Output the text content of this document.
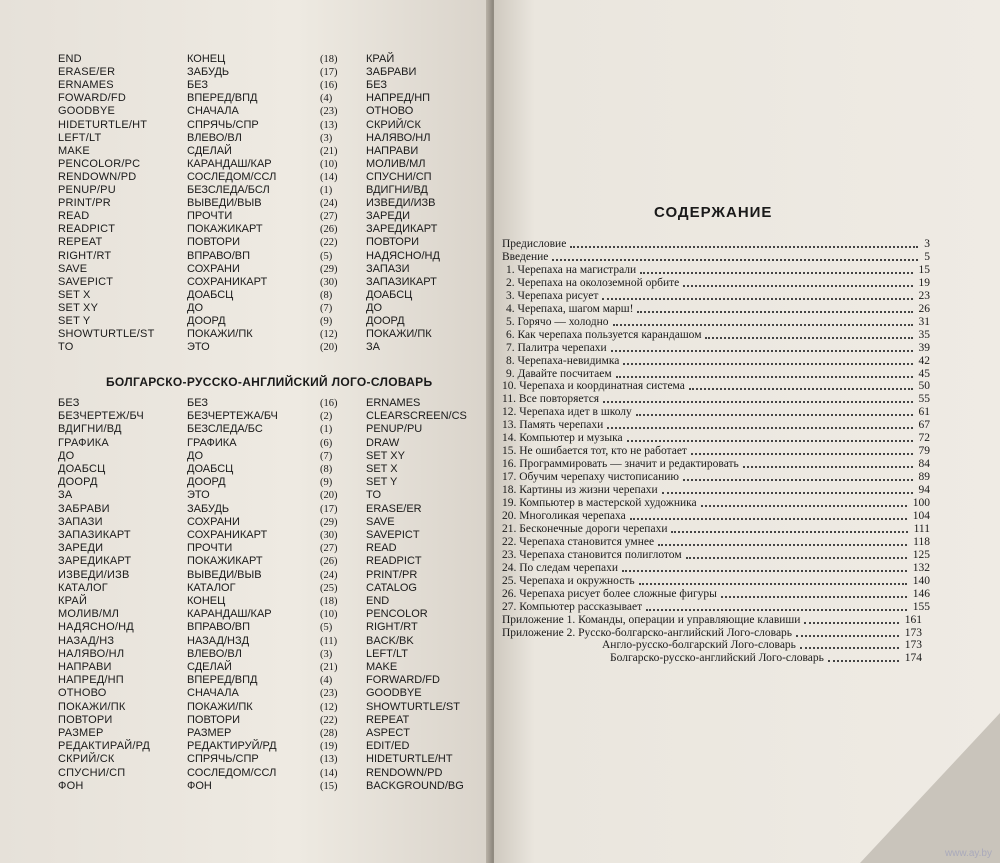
END	КОНЕЦ	(18)	КРАЙ
ERASE/ER	ЗАБУДЬ	(17)	ЗАБРАВИ
ERNAMES	БЕЗ	(16)	БЕЗ
FOWARD/FD	ВПЕРЕД/ВПД	(4)	НАПРЕД/НП
GOODBYE	СНАЧАЛА	(23)	ОТНОВО
HIDETURTLE/HT	СПРЯЧЬ/СПР	(13)	СКРИЙ/СК
LEFT/LT	ВЛЕВО/ВЛ	(3)	НАЛЯВО/НЛ
MAKE	СДЕЛАЙ	(21)	НАПРАВИ
PENCOLOR/PC	КАРАНДАШ/КАР	(10)	МОЛИВ/МЛ
RENDOWN/PD	СОСЛЕДОМ/ССЛ	(14)	СПУСНИ/СП
PENUP/PU	БЕЗСЛЕДА/БСЛ	(1)	ВДИГНИ/ВД
PRINT/PR	ВЫВЕДИ/ВЫВ	(24)	ИЗВЕДИ/ИЗВ
READ	ПРОЧТИ	(27)	ЗАРЕДИ
READPICT	ПОКАЖИКАРТ	(26)	ЗАРЕДИКАРТ
REPEAT	ПОВТОРИ	(22)	ПОВТОРИ
RIGHT/RT	ВПРАВО/ВП	(5)	НАДЯСНО/НД
SAVE	СОХРАНИ	(29)	ЗАПАЗИ
SAVEPICT	СОХРАНИКАРТ	(30)	ЗАПАЗИКАРТ
SET X	ДОАБСЦ	(8)	ДОАБСЦ
SET XY	ДО	(7)	ДО
SET Y	ДООРД	(9)	ДООРД
SHOWTURTLE/ST	ПОКАЖИ/ПК	(12)	ПОКАЖИ/ПК
TO	ЭТО	(20)	ЗА
БОЛГАРСКО-РУССКО-АНГЛИЙСКИЙ ЛОГО-СЛОВАРЬ
БЕЗ	БЕЗ	(16)	ERNAMES
БЕЗЧЕРТЕЖ/БЧ	БЕЗЧЕРТЕЖА/БЧ	(2)	CLEARSCREEN/CS
ВДИГНИ/ВД	БЕЗСЛЕДА/БС	(1)	PENUP/PU
ГРАФИКА	ГРАФИКА	(6)	DRAW
ДО	ДО	(7)	SET XY
ДОАБСЦ	ДОАБСЦ	(8)	SET X
ДООРД	ДООРД	(9)	SET Y
ЗА	ЭТО	(20)	TO
ЗАБРАВИ	ЗАБУДЬ	(17)	ERASE/ER
ЗАПАЗИ	СОХРАНИ	(29)	SAVE
ЗАПАЗИКАРТ	СОХРАНИКАРТ	(30)	SAVEPICT
ЗАРЕДИ	ПРОЧТИ	(27)	READ
ЗАРЕДИКАРТ	ПОКАЖИКАРТ	(26)	READPICT
ИЗВЕДИ/ИЗВ	ВЫВЕДИ/ВЫВ	(24)	PRINT/PR
КАТАЛОГ	КАТАЛОГ	(25)	CATALOG
КРАЙ	КОНЕЦ	(18)	END
МОЛИВ/МЛ	КАРАНДАШ/КАР	(10)	PENCOLOR
НАДЯСНО/НД	ВПРАВО/ВП	(5)	RIGHT/RT
НАЗАД/НЗ	НАЗАД/НЗД	(11)	BACK/BK
НАЛЯВО/НЛ	ВЛЕВО/ВЛ	(3)	LEFT/LT
НАПРАВИ	СДЕЛАЙ	(21)	MAKE
НАПРЕД/НП	ВПЕРЕД/ВПД	(4)	FORWARD/FD
ОТНОВО	СНАЧАЛА	(23)	GOODBYE
ПОКАЖИ/ПК	ПОКАЖИ/ПК	(12)	SHOWTURTLE/ST
ПОВТОРИ	ПОВТОРИ	(22)	REPEAT
РАЗМЕР	РАЗМЕР	(28)	ASPECT
РЕДАКТИРАЙ/РД	РЕДАКТИРУЙ/РД	(19)	EDIT/ED
СКРИЙ/СК	СПРЯЧЬ/СПР	(13)	HIDETURTLE/HT
СПУСНИ/СП	СОСЛЕДОМ/ССЛ	(14)	RENDOWN/PD
ФОН	ФОН	(15)	BACKGROUND/BG
СОДЕРЖАНИЕ
Предисловие	3
Введение	5
1. Черепаха на магистрали	15
2. Черепаха на околоземной орбите	19
3. Черепаха рисует	23
4. Черепаха, шагом марш!	26
5. Горячо — холодно	31
6. Как черепаха пользуется карандашом	35
7. Палитра черепахи	39
8. Черепаха-невидимка	42
9. Давайте посчитаем	45
10. Черепаха и координатная система	50
11. Все повторяется	55
12. Черепаха идет в школу	61
13. Память черепахи	67
14. Компьютер и музыка	72
15. Не ошибается тот, кто не работает	79
16. Программировать — значит и редактировать	84
17. Обучим черепаху чистописанию	89
18. Картины из жизни черепахи	94
19. Компьютер в мастерской художника	100
20. Многоликая черепаха	104
21. Бесконечные дороги черепахи	111
22. Черепаха становится умнее	118
23. Черепаха становится полиглотом	125
24. По следам черепахи	132
25. Черепаха и окружность	140
26. Черепаха рисует более сложные фигуры	146
27. Компьютер рассказывает	155
Приложение 1. Команды, операции и управляющие клавиши	161
Приложение 2. Русско-болгарско-английский Лого-словарь	173
Англо-русско-болгарский Лого-словарь	173
Болгарско-русско-английский Лого-словарь	174
www.ay.by
